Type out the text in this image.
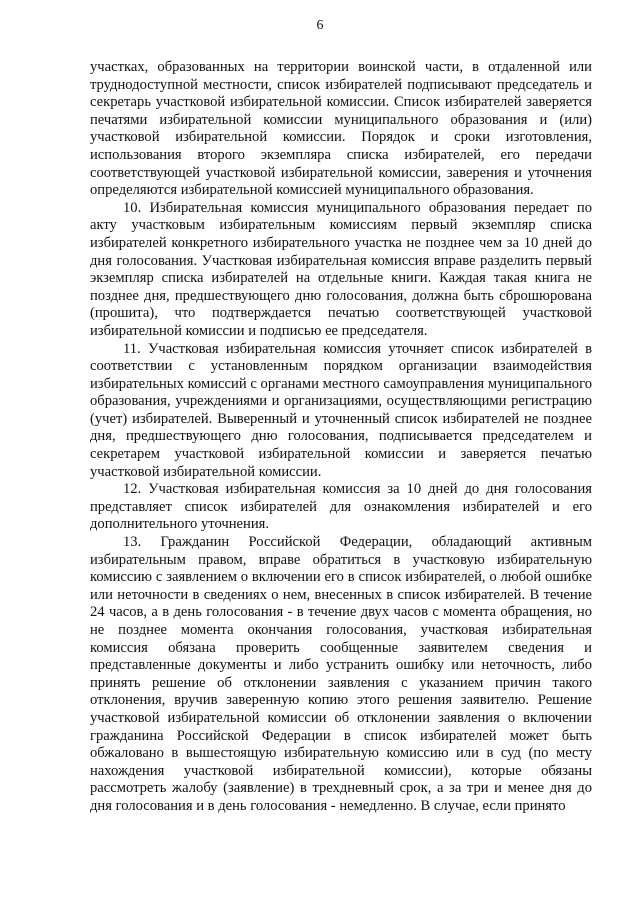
6

участках, образованных на территории воинской части, в отдаленной или труднодоступной местности, список избирателей подписывают председатель и секретарь участковой избирательной комиссии. Список избирателей заверяется печатями избирательной комиссии муниципального образования и (или) участковой избирательной комиссии. Порядок и сроки изготовления, использования второго экземпляра списка избирателей, его передачи соответствующей участковой избирательной комиссии, заверения и уточнения определяются избирательной комиссией муниципального образования.

10. Избирательная комиссия муниципального образования передает по акту участковым избирательным комиссиям первый экземпляр списка избирателей конкретного избирательного участка не позднее чем за 10 дней до дня голосования. Участковая избирательная комиссия вправе разделить первый экземпляр списка избирателей на отдельные книги. Каждая такая книга не позднее дня, предшествующего дню голосования, должна быть сброшюрована (прошита), что подтверждается печатью соответствующей участковой избирательной комиссии и подписью ее председателя.

11. Участковая избирательная комиссия уточняет список избирателей в соответствии с установленным порядком организации взаимодействия избирательных комиссий с органами местного самоуправления муниципального образования, учреждениями и организациями, осуществляющими регистрацию (учет) избирателей. Выверенный и уточненный список избирателей не позднее дня, предшествующего дню голосования, подписывается председателем и секретарем участковой избирательной комиссии и заверяется печатью участковой избирательной комиссии.

12. Участковая избирательная комиссия за 10 дней до дня голосования представляет список избирателей для ознакомления избирателей и его дополнительного уточнения.

13. Гражданин Российской Федерации, обладающий активным избирательным правом, вправе обратиться в участковую избирательную комиссию с заявлением о включении его в список избирателей, о любой ошибке или неточности в сведениях о нем, внесенных в список избирателей. В течение 24 часов, а в день голосования - в течение двух часов с момента обращения, но не позднее момента окончания голосования, участковая избирательная комиссия обязана проверить сообщенные заявителем сведения и представленные документы и либо устранить ошибку или неточность, либо принять решение об отклонении заявления с указанием причин такого отклонения, вручив заверенную копию этого решения заявителю. Решение участковой избирательной комиссии об отклонении заявления о включении гражданина Российской Федерации в список избирателей может быть обжаловано в вышестоящую избирательную комиссию или в суд (по месту нахождения участковой избирательной комиссии), которые обязаны рассмотреть жалобу (заявление) в трехдневный срок, а за три и менее дня до дня голосования и в день голосования - немедленно. В случае, если принято
